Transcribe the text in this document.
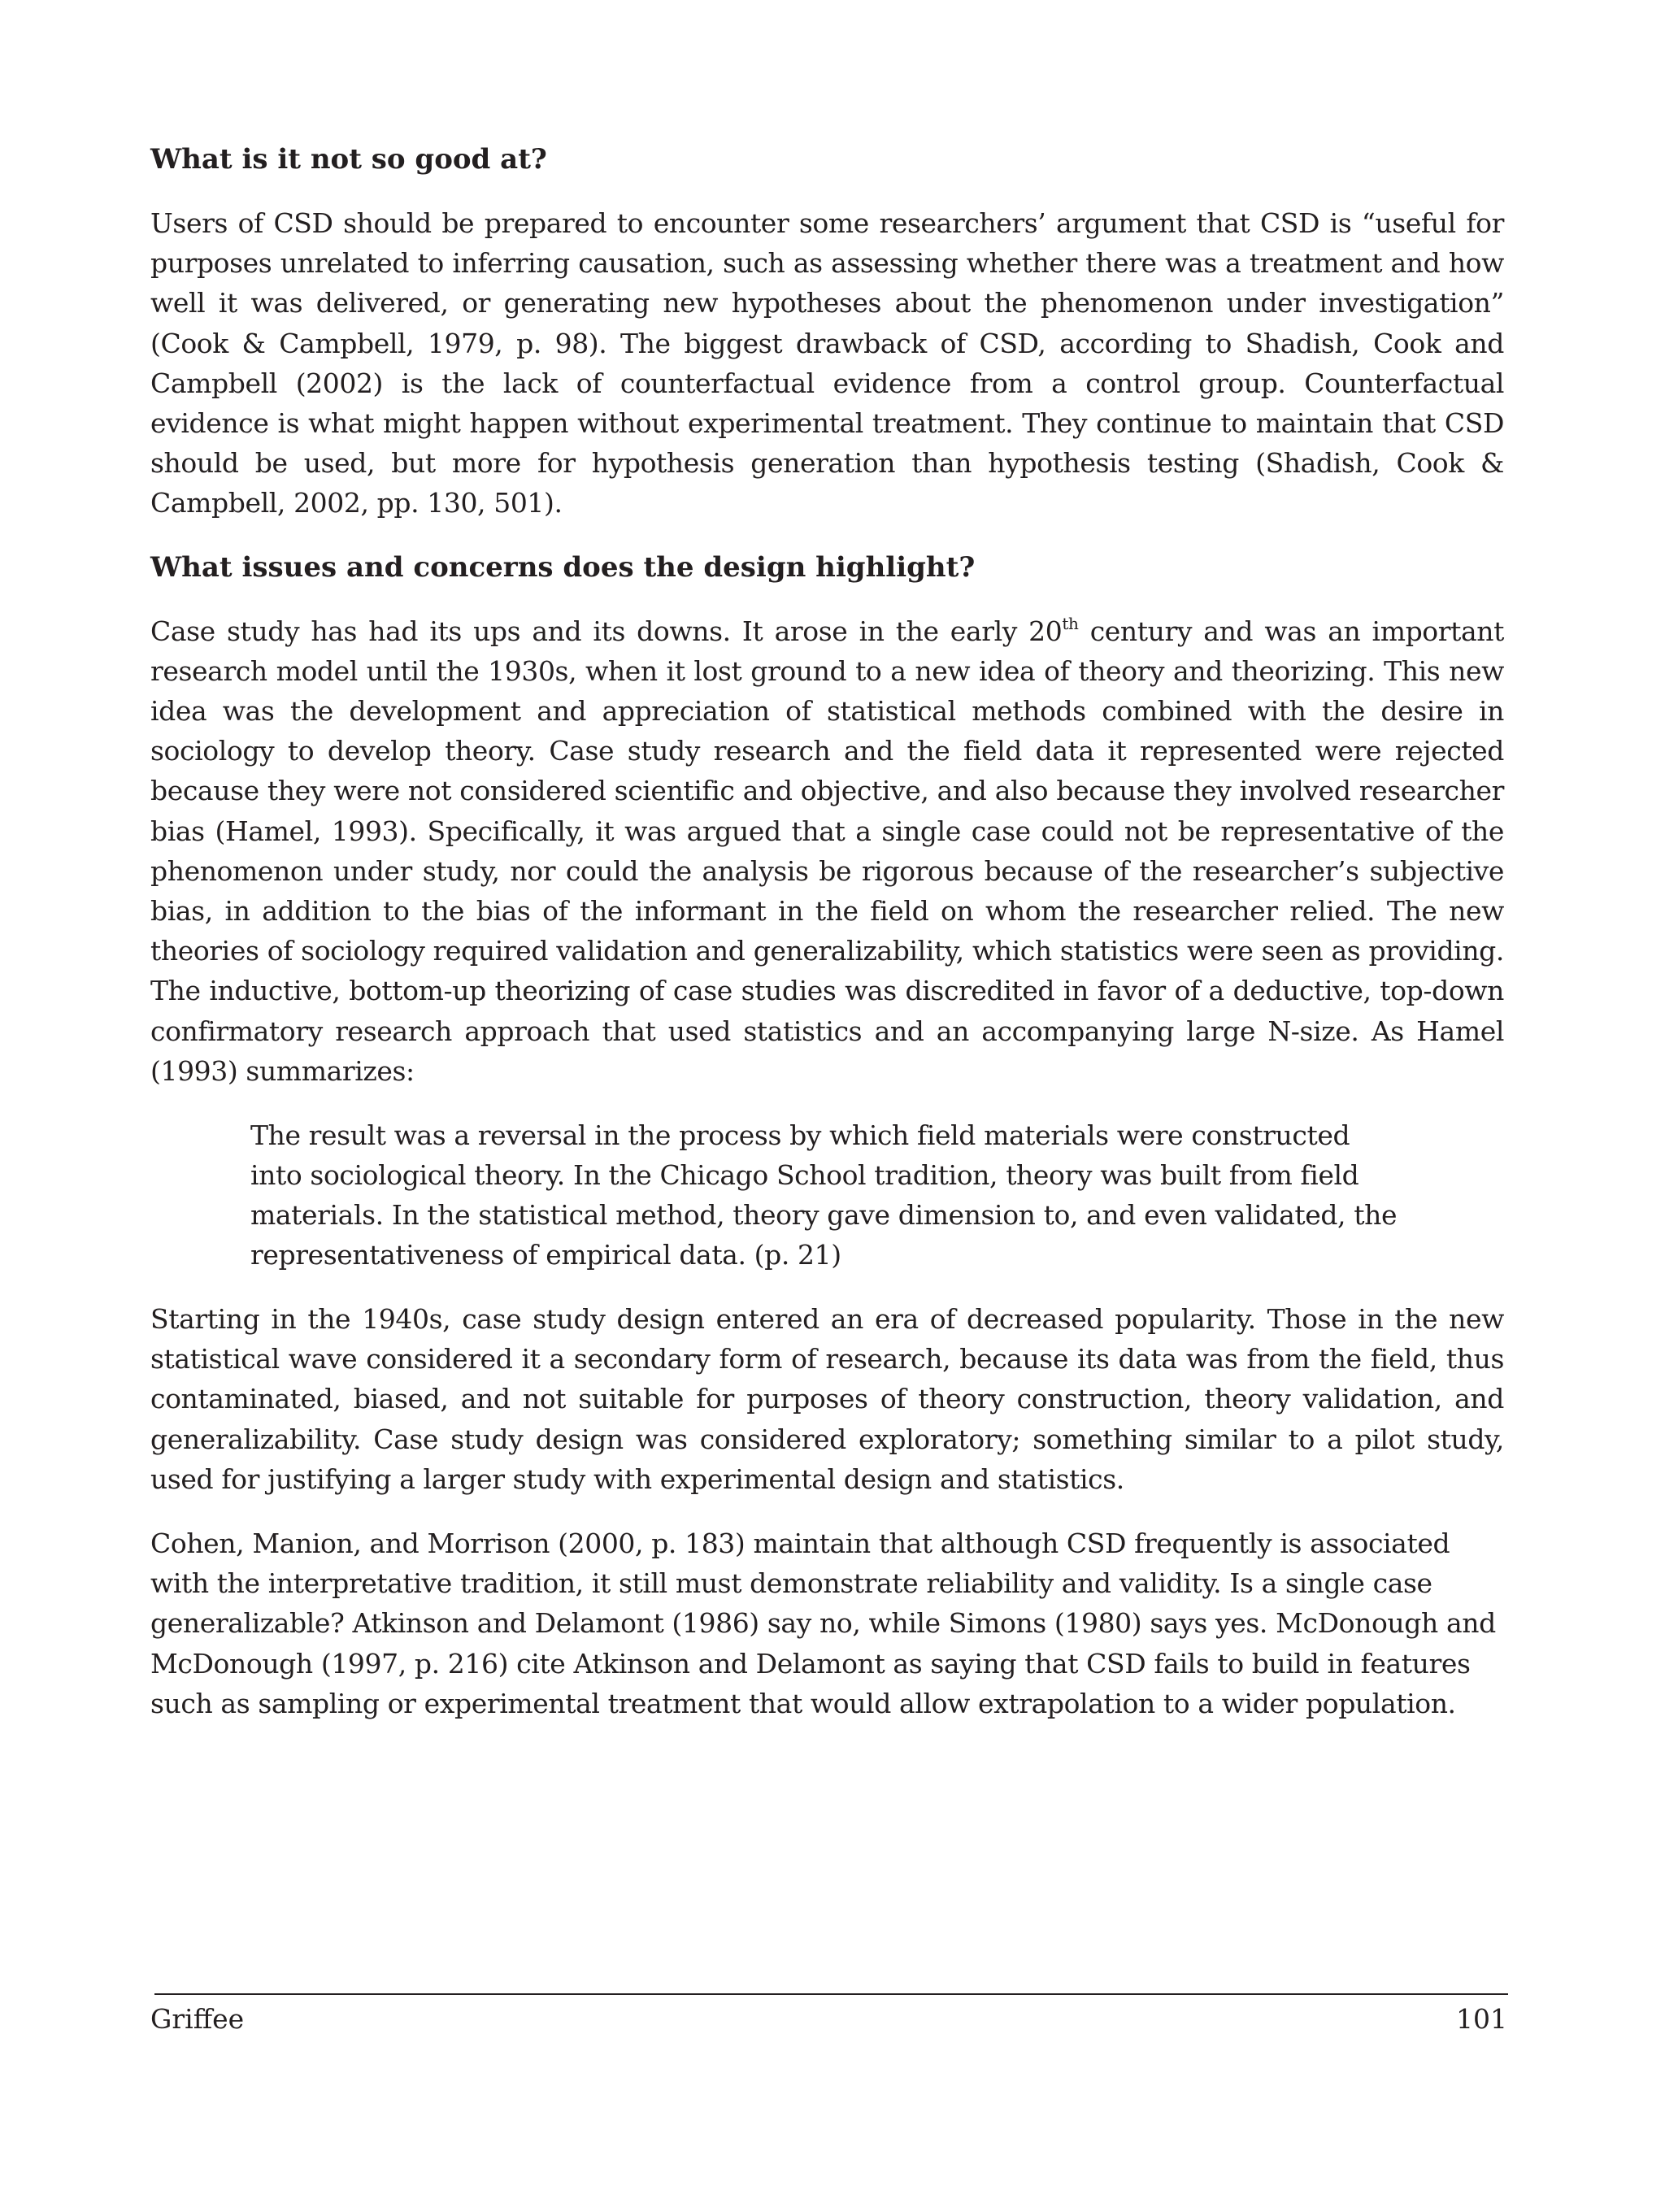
What is it not so good at?

Users of CSD should be prepared to encounter some researchers’ argument that CSD is “useful for purposes unrelated to inferring causation, such as assessing whether there was a treatment and how well it was delivered, or generating new hypotheses about the phenomenon under investigation” (Cook & Campbell, 1979, p. 98). The biggest drawback of CSD, according to Shadish, Cook and Campbell (2002) is the lack of counterfactual evidence from a control group. Counterfactual evidence is what might happen without experimental treatment. They continue to maintain that CSD should be used, but more for hypothesis generation than hypothesis testing (Shadish, Cook & Campbell, 2002, pp. 130, 501).

What issues and concerns does the design highlight?

Case study has had its ups and its downs. It arose in the early 20th century and was an important research model until the 1930s, when it lost ground to a new idea of theory and theorizing. This new idea was the development and appreciation of statistical methods combined with the desire in sociology to develop theory. Case study research and the field data it represented were rejected because they were not considered scientific and objective, and also because they involved researcher bias (Hamel, 1993). Specifically, it was argued that a single case could not be representative of the phenomenon under study, nor could the analysis be rigorous because of the researcher’s subjective bias, in addition to the bias of the informant in the field on whom the researcher relied. The new theories of sociology required validation and generalizability, which statistics were seen as providing. The inductive, bottom-up theorizing of case studies was discredited in favor of a deductive, top-down confirmatory research approach that used statistics and an accompanying large N-size. As Hamel (1993) summarizes:

The result was a reversal in the process by which field materials were constructed into sociological theory. In the Chicago School tradition, theory was built from field materials. In the statistical method, theory gave dimension to, and even validated, the representativeness of empirical data. (p. 21)

Starting in the 1940s, case study design entered an era of decreased popularity. Those in the new statistical wave considered it a secondary form of research, because its data was from the field, thus contaminated, biased, and not suitable for purposes of theory construction, theory validation, and generalizability. Case study design was considered exploratory; something similar to a pilot study, used for justifying a larger study with experimental design and statistics.

Cohen, Manion, and Morrison (2000, p. 183) maintain that although CSD frequently is associated with the interpretative tradition, it still must demonstrate reliability and validity. Is a single case generalizable? Atkinson and Delamont (1986) say no, while Simons (1980) says yes. McDonough and McDonough (1997, p. 216) cite Atkinson and Delamont as saying that CSD fails to build in features such as sampling or experimental treatment that would allow extrapolation to a wider population.

Griffee	101
